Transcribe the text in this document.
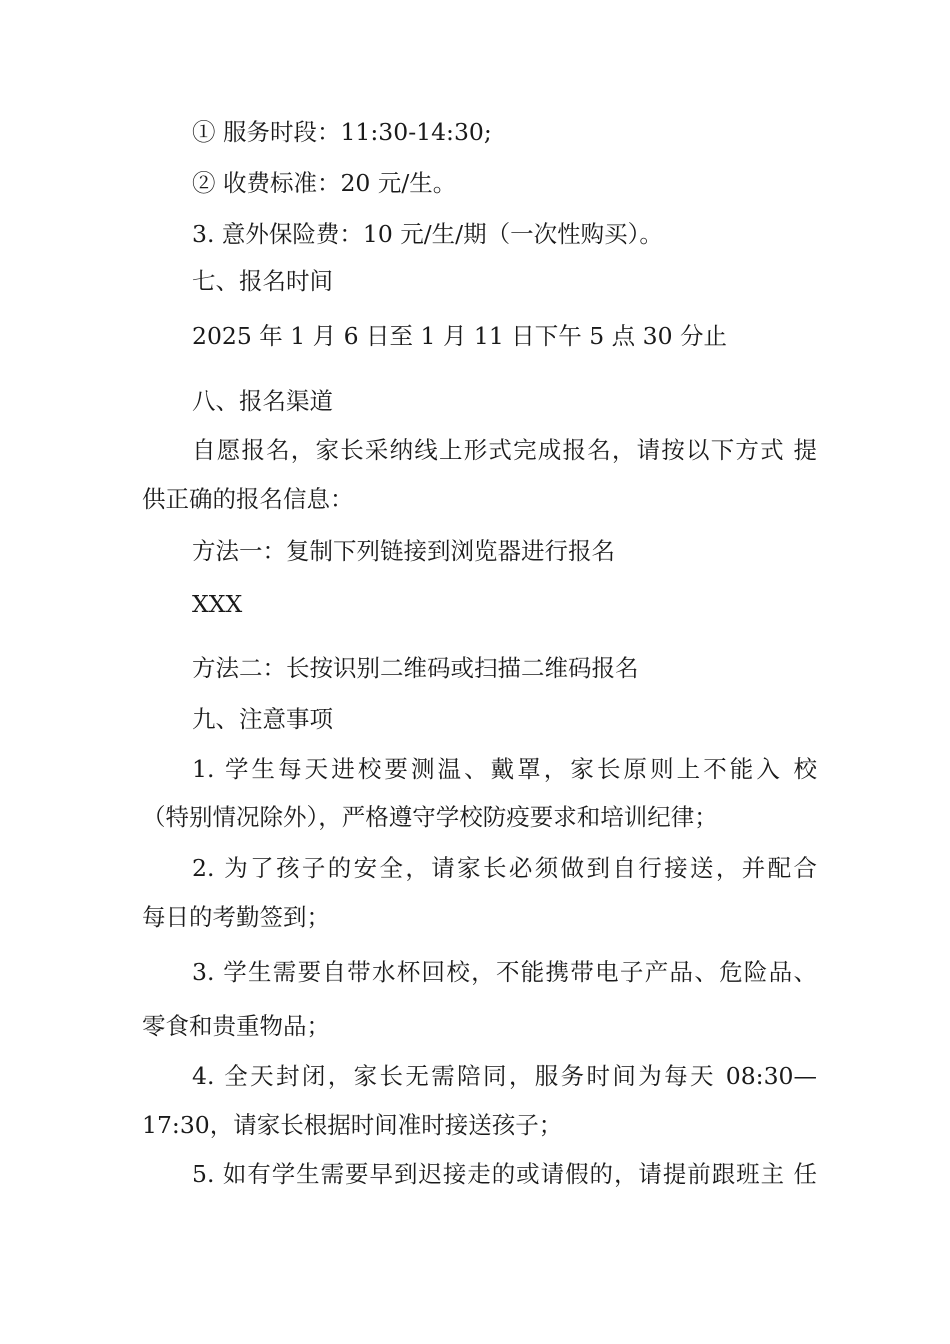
① 服务时段：11:30-14:30;
② 收费标准：20 元/生。
3. 意外保险费：10 元/生/期（一次性购买）。
七、报名时间
2025 年 1 月 6 日至 1 月 11 日下午 5 点 30 分止
八、报名渠道
自愿报名，家长采纳线上形式完成报名，请按以下方式 提
供正确的报名信息：
方法一：复制下列链接到浏览器进行报名
XXX
方法二：长按识别二维码或扫描二维码报名
九、注意事项
1. 学生每天进校要测温、戴罩，家长原则上不能入 校
（特别情况除外），严格遵守学校防疫要求和培训纪律；
2. 为了孩子的安全，请家长必须做到自行接送，并配合
每日的考勤签到；
3. 学生需要自带水杯回校，不能携带电子产品、危险品、
零食和贵重物品；
4. 全天封闭，家长无需陪同，服务时间为每天 08:30—
17:30，请家长根据时间准时接送孩子；
5. 如有学生需要早到迟接走的或请假的，请提前跟班主 任
